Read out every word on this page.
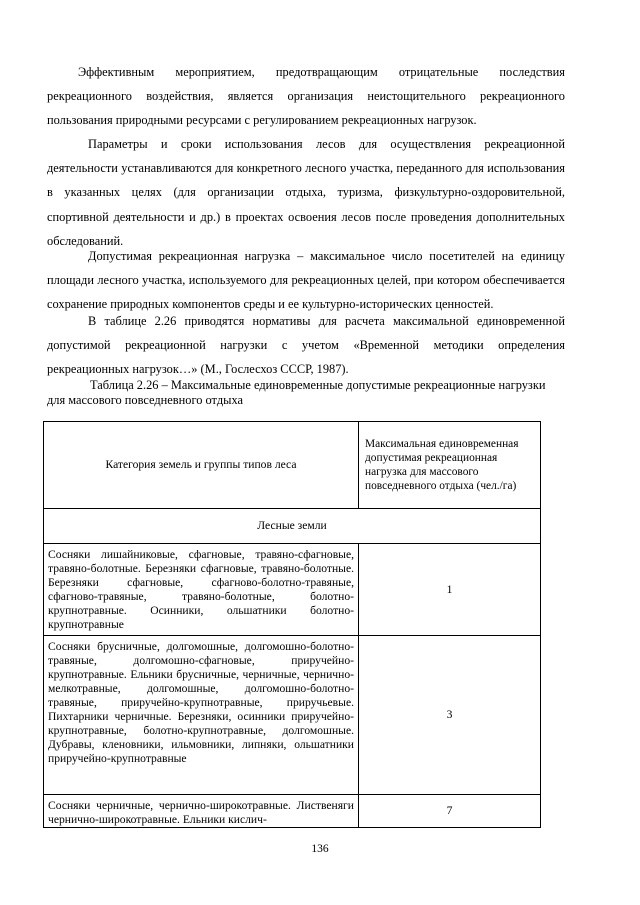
Эффективным мероприятием, предотвращающим отрицательные последствия рекреационного воздействия, является организация неистощительного рекреационного пользования природными ресурсами с регулированием рекреационных нагрузок.

Параметры и сроки использования лесов для осуществления рекреационной деятельности устанавливаются для конкретного лесного участка, переданного для использования в указанных целях (для организации отдыха, туризма, физкультурно-оздоровительной, спортивной деятельности и др.) в проектах освоения лесов после проведения дополнительных обследований.

Допустимая рекреационная нагрузка – максимальное число посетителей на единицу площади лесного участка, используемого для рекреационных целей, при котором обеспечивается сохранение природных компонентов среды и ее культурно-исторических ценностей.

В таблице 2.26 приводятся нормативы для расчета максимальной единовременной допустимой рекреационной нагрузки с учетом «Временной методики определения рекреационных нагрузок…» (М., Гослесхоз СССР, 1987).

Таблица 2.26 – Максимальные единовременные допустимые рекреационные нагрузки
для массового повседневного отдыха

Категория земель и группы типов леса	Максимальная единовременная допустимая рекреационная нагрузка для массового повседневного отдыха (чел./га)
Лесные земли	
Сосняки лишайниковые, сфагновые, травяно-сфагновые, травяно-болотные. Березняки сфагновые, травяно-болотные. Березняки сфагновые, сфагново-болотно-травяные, сфагново-травяные, травяно-болотные, болотно-крупнотравные. Осинники, ольшатники болотно-крупнотравные	1
Сосняки брусничные, долгомошные, долгомошно-болотно-травяные, долгомошно-сфагновые, приручейно-крупнотравные. Ельники брусничные, черничные, чернично-мелкотравные, долгомошные, долгомошно-болотно-травяные, приручейно-крупнотравные, приручьевые. Пихтарники черничные. Березняки, осинники приручейно-крупнотравные, болотно-крупнотравные, долгомошные. Дубравы, кленовники, ильмовники, липняки, ольшатники приручейно-крупнотравные	3
Сосняки черничные, чернично-широкотравные. Лиственяги чернично-широкотравные. Ельники кислич-	7
136
